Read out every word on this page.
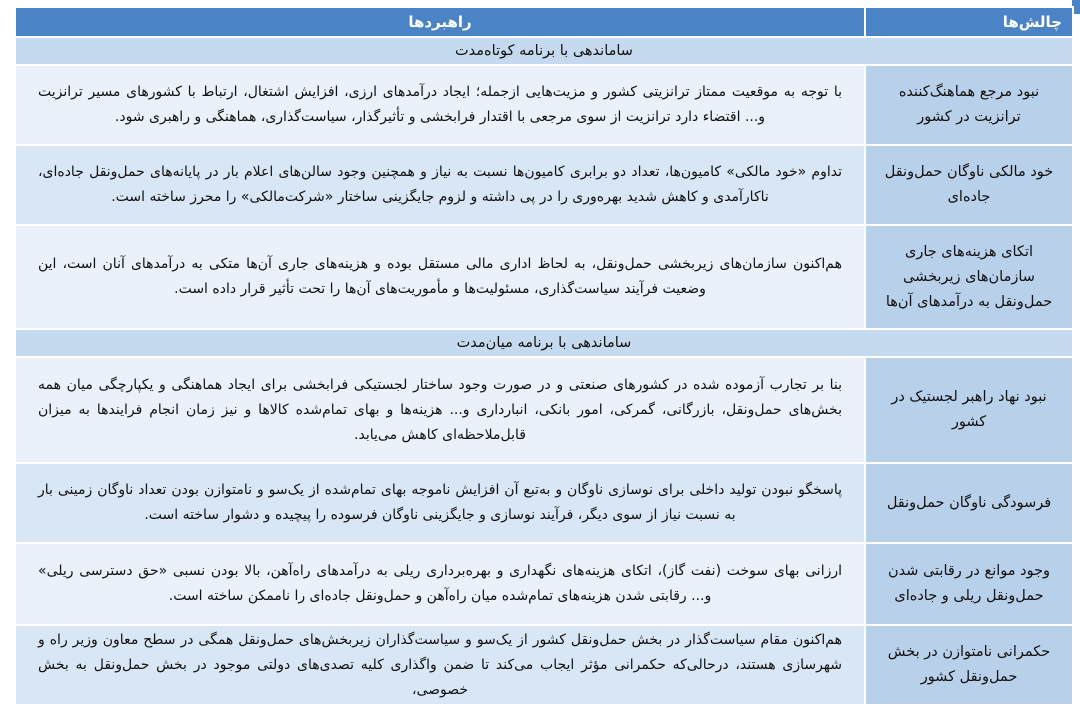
چالش‌ها	راهبردها
ساماندهی با برنامه کوتاه‌مدت	
نبود مرجع هماهنگ‌کننده ترانزیت در کشور	با توجه به موقعیت ممتاز ترانزیتی کشور و مزیت‌هایی ازجمله؛ ایجاد درآمدهای ارزی، افزایش اشتغال، ارتباط با کشورهای مسیر ترانزیت و... اقتضاء دارد ترانزیت از سوی مرجعی با اقتدار فرابخشی و تأثیرگذار، سیاست‌گذاری، هماهنگی و راهبری شود.
خود مالکی ناوگان حمل‌ونقل جاده‌ای	تداوم «خود مالکی» کامیون‌ها، تعداد دو برابری کامیون‌ها نسبت به نیاز و همچنین وجود سالن‌های اعلام بار در پایانه‌های حمل‌ونقل جاده‌ای، ناکارآمدی و کاهش شدید بهره‌وری را در پی داشته و لزوم جایگزینی ساختار «شرکت‌مالکی» را محرز ساخته است.
اتکای هزینه‌های جاری سازمان‌های زیربخشی حمل‌ونقل به درآمدهای آن‌ها	هم‌اکنون سازمان‌های زیربخشی حمل‌ونقل، به لحاظ اداری مالی مستقل بوده و هزینه‌های جاری آن‌ها متکی به درآمدهای آنان است، این وضعیت فرآیند سیاست‌گذاری، مسئولیت‌ها و مأموریت‌های آن‌ها را تحت تأثیر قرار داده است.
ساماندهی با برنامه میان‌مدت	
نبود نهاد راهبر لجستیک در کشور	بنا بر تجارب آزموده شده در کشورهای صنعتی و در صورت وجود ساختار لجستیکی فرابخشی برای ایجاد هماهنگی و یکپارچگی میان همه بخش‌های حمل‌ونقل، بازرگانی، گمرکی، امور بانکی، انبارداری و... هزینه‌ها و بهای تمام‌شده کالاها و نیز زمان انجام فرایندها به میزان قابل‌ملاحظه‌ای کاهش می‌یابد.
فرسودگی ناوگان حمل‌ونقل	پاسخگو نبودن تولید داخلی برای نوسازی ناوگان و به‌تبع آن افزایش ناموجه بهای تمام‌شده از یک‌سو و نامتوازن بودن تعداد ناوگان زمینی بار به نسبت نیاز از سوی دیگر، فرآیند نوسازی و جایگزینی ناوگان فرسوده را پیچیده و دشوار ساخته است.
وجود موانع در رقابتی شدن حمل‌ونقل ریلی و جاده‌ای	ارزانی بهای سوخت (نفت گاز)، اتکای هزینه‌های نگهداری و بهره‌برداری ریلی به درآمدهای راه‌آهن، بالا بودن نسبی «حق دسترسی ریلی» و... رقابتی شدن هزینه‌های تمام‌شده میان راه‌آهن و حمل‌ونقل جاده‌ای را ناممکن ساخته است.
حکمرانی نامتوازن در بخش حمل‌ونقل کشور	هم‌اکنون مقام سیاست‌گذار در بخش حمل‌ونقل کشور از یک‌سو و سیاست‌گذاران زیربخش‌های حمل‌ونقل همگی در سطح معاون وزیر راه و شهرسازی هستند، درحالی‌که حکمرانی مؤثر ایجاب می‌کند تا ضمن واگذاری کلیه تصدی‌های دولتی موجود در بخش حمل‌ونقل به بخش خصوصی،
